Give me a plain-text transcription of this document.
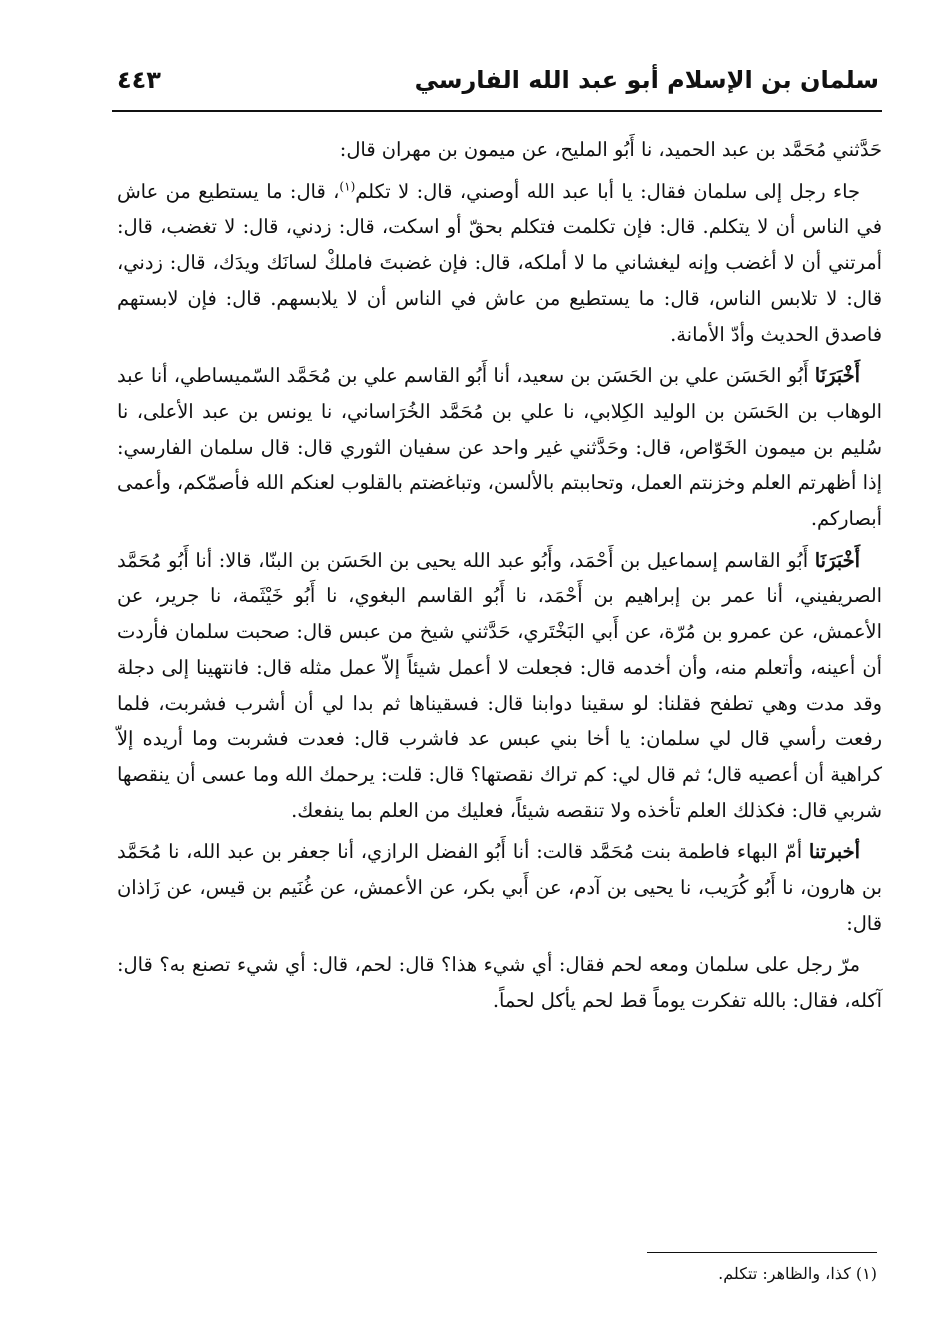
سلمان بن الإسلام أبو عبد الله الفارسي
٤٤٣

حَدَّثني مُحَمَّد بن عبد الحميد، نا أَبُو المليح، عن ميمون بن مهران قال:

جاء رجل إلى سلمان فقال: يا أبا عبد الله أوصني، قال: لا تكلم$^{(١)}$، قال: ما يستطيع من عاش في الناس أن لا يتكلم. قال: فإن تكلمت فتكلم بحقّ أو اسكت، قال: زدني، قال: لا تغضب، قال: أمرتني أن لا أغضب وإنه ليغشاني ما لا أملكه، قال: فإن غضبتَ فاملكْ لسانَك ويدَك، قال: زدني، قال: لا تلابس الناس، قال: ما يستطيع من عاش في الناس أن لا يلابسهم. قال: فإن لابستهم فاصدق الحديث وأدّ الأمانة.

أَخْبَرَنَا أَبُو الحَسَن علي بن الحَسَن بن سعيد، أنا أَبُو القاسم علي بن مُحَمَّد السّميساطي، أنا عبد الوهاب بن الحَسَن بن الوليد الكِلابي، نا علي بن مُحَمَّد الخُرَاساني، نا يونس بن عبد الأعلى، نا سُليم بن ميمون الخَوّاص، قال: وحَدَّثني غير واحد عن سفيان الثوري قال: قال سلمان الفارسي: إذا أظهرتم العلم وخزنتم العمل، وتحاببتم بالألسن، وتباغضتم بالقلوب لعنكم الله فأصمّكم، وأعمى أبصاركم.

أَخْبَرَنَا أَبُو القاسم إسماعيل بن أَحْمَد، وأَبُو عبد الله يحيى بن الحَسَن بن البنّا، قالا: أنا أَبُو مُحَمَّد الصريفيني، أنا عمر بن إبراهيم بن أَحْمَد، نا أَبُو القاسم البغوي، نا أَبُو خَيْثَمة، نا جرير، عن الأعمش، عن عمرو بن مُرّة، عن أَبي البَخْتَري، حَدَّثني شيخ من عبس قال: صحبت سلمان فأردت أن أعينه، وأتعلم منه، وأن أخدمه قال: فجعلت لا أعمل شيئاً إلاّ عمل مثله قال: فانتهينا إلى دجلة وقد مدت وهي تطفح فقلنا: لو سقينا دوابنا قال: فسقيناها ثم بدا لي أن أشرب فشربت، فلما رفعت رأسي قال لي سلمان: يا أخا بني عبس عد فاشرب قال: فعدت فشربت وما أريده إلاّ كراهية أن أعصيه قال؛ ثم قال لي: كم تراك نقصتها؟ قال: قلت: يرحمك الله وما عسى أن ينقصها شربي قال: فكذلك العلم تأخذه ولا تنقصه شيئاً، فعليك من العلم بما ينفعك.

أخبرتنا أمّ البهاء فاطمة بنت مُحَمَّد قالت: أنا أَبُو الفضل الرازي، أنا جعفر بن عبد الله، نا مُحَمَّد بن هارون، نا أَبُو كُرَيب، نا يحيى بن آدم، عن أَبي بكر، عن الأعمش، عن غُنَيم بن قيس، عن زَاذان قال:

مرّ رجل على سلمان ومعه لحم فقال: أي شيء هذا؟ قال: لحم، قال: أي شيء تصنع به؟ قال: آكله، فقال: بالله تفكرت يوماً قط لحم يأكل لحماً.

(١) كذا، والظاهر: تتكلم.
